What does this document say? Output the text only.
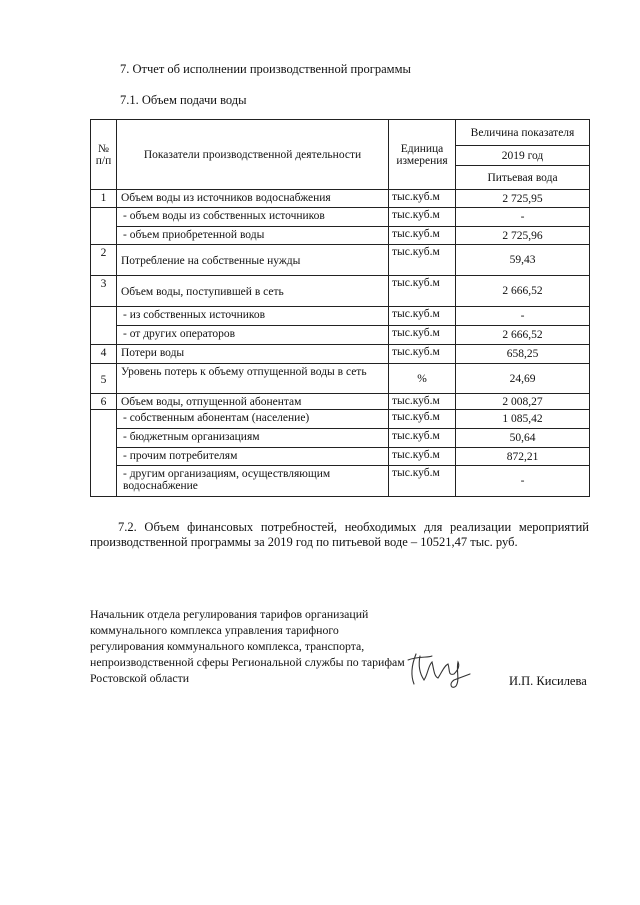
7. Отчет об исполнении производственной программы
7.1. Объем подачи воды
№ п/п	Показатели производственной деятельности	Единица измерения	Величина показателя
			2019 год
			Питьевая вода
1	Объем воды из источников водоснабжения	тыс.куб.м	2 725,95
	- объем воды из собственных источников	тыс.куб.м	-
	- объем приобретенной воды	тыс.куб.м	2 725,96
2	Потребление на собственные нужды	тыс.куб.м	59,43
3	Объем воды, поступившей в сеть	тыс.куб.м	2 666,52
	- из собственных источников	тыс.куб.м	-
	- от других операторов	тыс.куб.м	2 666,52
4	Потери воды	тыс.куб.м	658,25
5	Уровень потерь к объему отпущенной воды в сеть	%	24,69
6	Объем воды, отпущенной абонентам	тыс.куб.м	2 008,27
	- собственным абонентам (население)	тыс.куб.м	1 085,42
	- бюджетным организациям	тыс.куб.м	50,64
	- прочим потребителям	тыс.куб.м	872,21
	- другим организациям, осуществляющим водоснабжение	тыс.куб.м	-
7.2. Объем финансовых потребностей, необходимых для реализации мероприятий производственной программы за 2019 год по питьевой воде – 10521,47 тыс. руб.
Начальник отдела регулирования тарифов организаций коммунального комплекса управления тарифного регулирования коммунального комплекса, транспорта, непроизводственной сферы Региональной службы по тарифам Ростовской области	И.П. Кисилева
